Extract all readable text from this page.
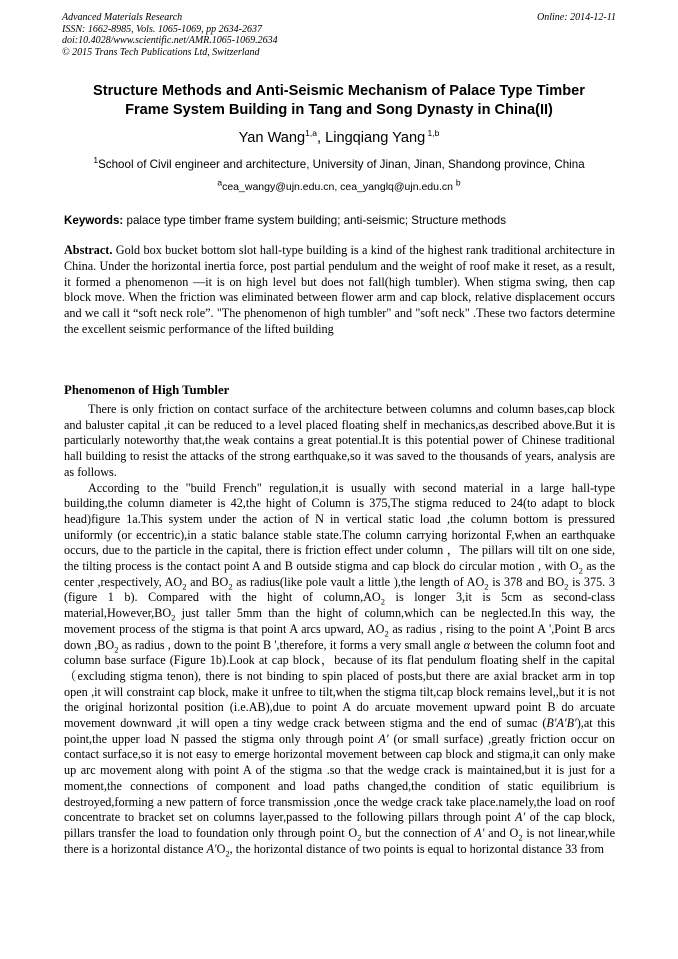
Advanced Materials Research
ISSN: 1662-8985, Vols. 1065-1069, pp 2634-2637
doi:10.4028/www.scientific.net/AMR.1065-1069.2634
© 2015 Trans Tech Publications Ltd, Switzerland
Online: 2014-12-11
Structure Methods and Anti-Seismic Mechanism of Palace Type Timber
Frame System Building in Tang and Song Dynasty in China(II)
Yan Wang$^{1,a}$, Lingqiang Yang $^{1,b}$
$^1$School of Civil engineer and architecture, University of Jinan, Jinan, Shandong province, China
$^a$cea_wangy@ujn.edu.cn, cea_yanglq@ujn.edu.cn $^b$
Keywords: palace type timber frame system building; anti-seismic; Structure methods
Abstract. Gold box bucket bottom slot hall-type building is a kind of the highest rank traditional architecture in China. Under the horizontal inertia force, post partial pendulum and the weight of roof make it reset, as a result, it formed a phenomenon —it is on high level but does not fall(high tumbler). When stigma swing, then cap block move. When the friction was eliminated between flower arm and cap block, relative displacement occurs and we call it “soft neck role”. "The phenomenon of high tumbler" and "soft neck" .These two factors determine the excellent seismic performance of the lifted building
Phenomenon of High Tumbler

There is only friction on contact surface of the architecture between columns and column bases,cap block and baluster capital ,it can be reduced to a level placed floating shelf in mechanics,as described above.But it is particularly noteworthy that,the weak contains a great potential.It is this potential power of Chinese traditional hall building to resist the attacks of the strong earthquake,so it was saved to the thousands of years, analysis are as follows.

According to the "build French" regulation,it is usually with second material in a large hall-type building,the column diameter is 42,the hight of Column is 375,The stigma reduced to 24(to adapt to block head)figure 1a.This system under the action of N in vertical static load ,the column bottom is pressured uniformly (or eccentric),in a static balance stable state.The column carrying horizontal F,when an earthquake occurs, due to the particle in the capital, there is friction effect under column ，The pillars will tilt on one side, the tilting process is the contact point A and B outside stigma and cap block do circular motion , with $O_2$ as the center ,respectively, $AO_2$ and $BO_2$ as radius(like pole vault a little ),the length of $AO_2$ is 378 and $BO_2$ is 375. 3 (figure 1 b). Compared with the hight of $column,AO_2$ is longer 3,it is 5cm as second-class $material,However,BO_2$ just taller 5mm than the hight of column,which can be neglected.In this way, the movement process of the stigma is that point A arcs upward, $AO_2$ as radius , rising to the point A ',Point B arcs down $,BO_2$ as radius , down to the point B ',therefore, it forms a very small angle α between the column foot and column base surface (Figure 1b).Look at cap block，because of its flat pendulum floating shelf in the capital（excluding stigma tenon), there is not binding to spin placed of posts,but there are axial bracket arm in top open ,it will constraint cap block, make it unfree to tilt,when the stigma tilt,cap block remains level,,but it is not the original horizontal position (i.e.AB),due to point A do arcuate movement upward point B do arcuate movement downward ,it will open a tiny wedge crack between stigma and the end of sumac (B′A′B′),at this point,the upper load N passed the stigma only through point A′ (or small surface) ,greatly friction occur on contact surface,so it is not easy to emerge horizontal movement between cap block and stigma,it can only make up arc movement along with point A of the stigma .so that the wedge crack is maintained,but it is just for a moment,the connections of component and load paths changed,the condition of static equilibrium is destroyed,forming a new pattern of force transmission ,once the wedge crack take place.namely,the load on roof concentrate to bracket set on columns layer,passed to the following pillars through point A′ of the cap block, pillars transfer the load to foundation only through point $O_2$ but the connection of A′ and $O_2$ is not linear,while there is a horizontal distance $A'O_2$, the horizontal distance of two points is equal to horizontal distance 33 from
